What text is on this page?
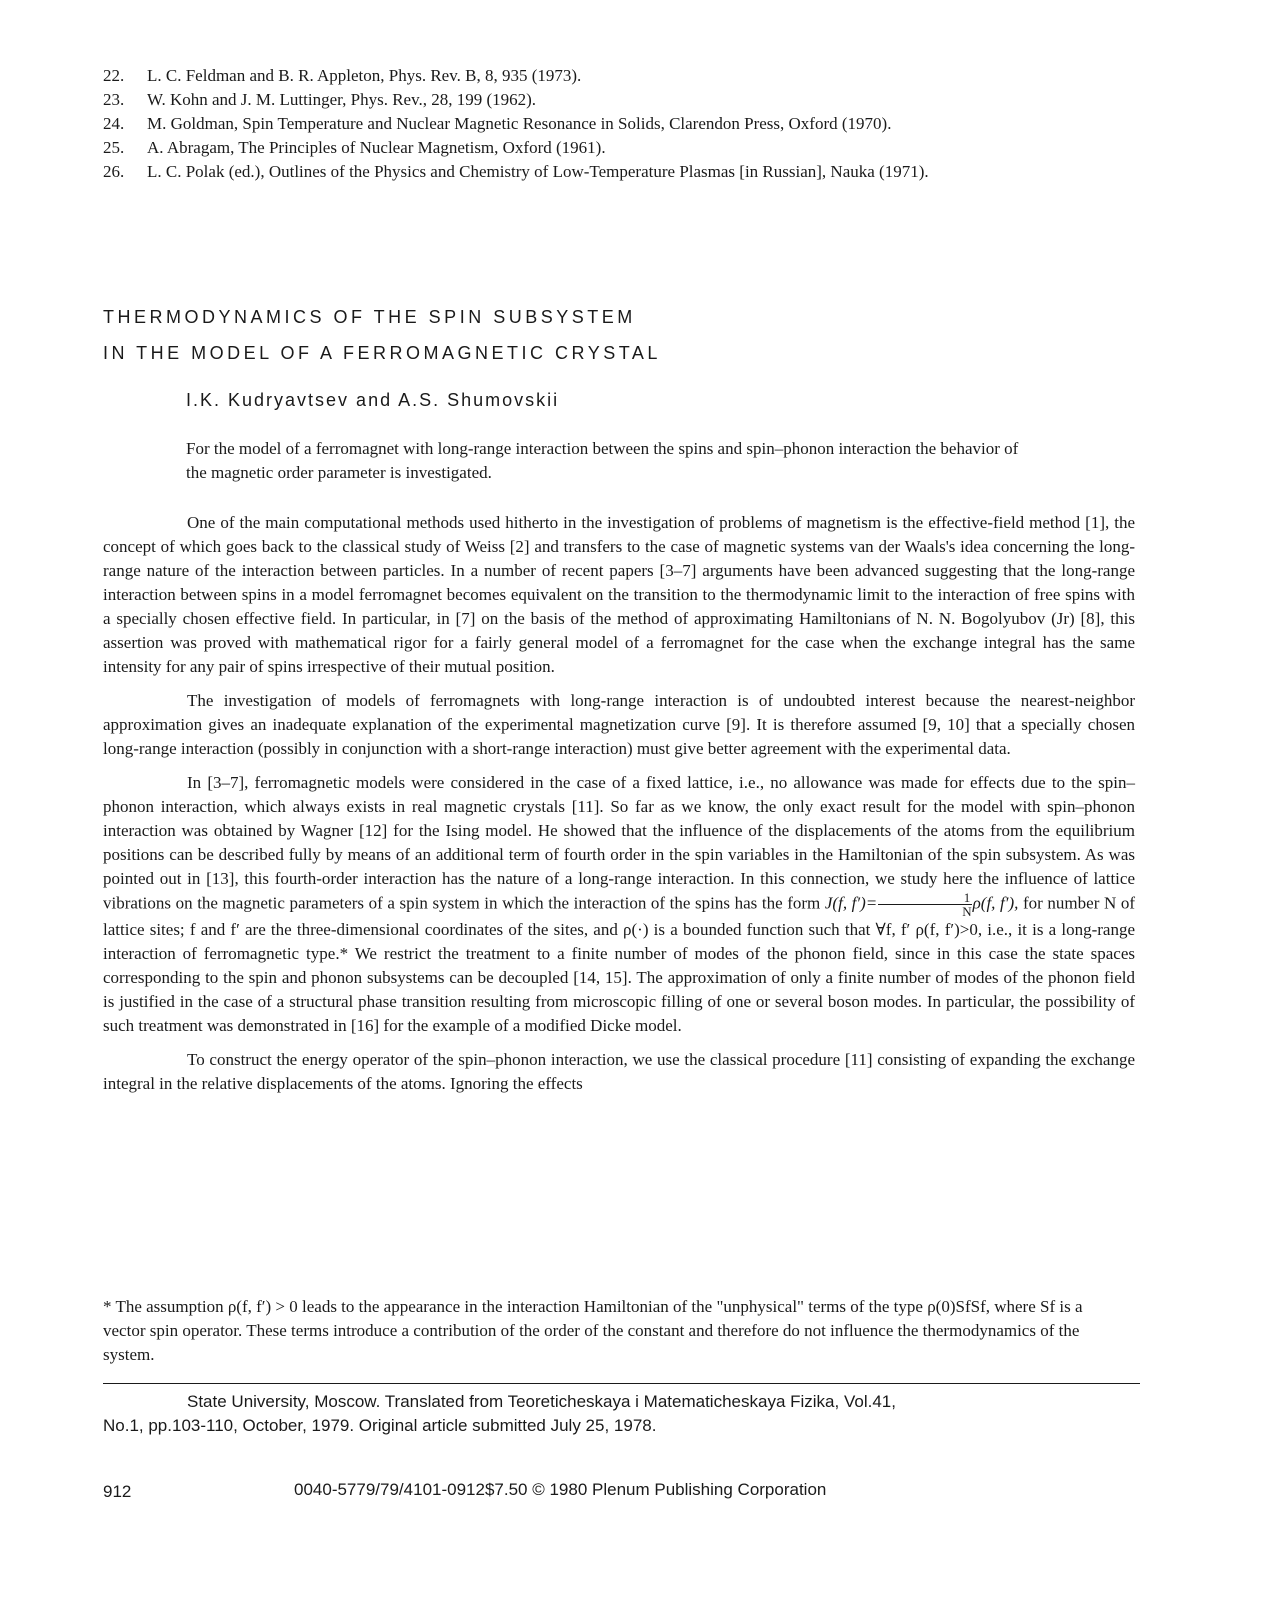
22.	L. C. Feldman and B. R. Appleton, Phys. Rev. B, 8, 935 (1973).
23.	W. Kohn and J. M. Luttinger, Phys. Rev., 28, 199 (1962).
24.	M. Goldman, Spin Temperature and Nuclear Magnetic Resonance in Solids, Clarendon Press, Oxford (1970).
25.	A. Abragam, The Principles of Nuclear Magnetism, Oxford (1961).
26.	L. C. Polak (ed.), Outlines of the Physics and Chemistry of Low-Temperature Plasmas [in Russian], Nauka (1971).
THERMODYNAMICS OF THE SPIN SUBSYSTEM
IN THE MODEL OF A FERROMAGNETIC CRYSTAL
I.K. Kudryavtsev and A.S. Shumovskii
For the model of a ferromagnet with long-range interaction between the spins and spin–phonon interaction the behavior of the magnetic order parameter is investigated.

One of the main computational methods used hitherto in the investigation of problems of magnetism is the effective-field method [1], the concept of which goes back to the classical study of Weiss [2] and transfers to the case of magnetic systems van der Waals's idea concerning the long-range nature of the interaction between particles. In a number of recent papers [3–7] arguments have been advanced suggesting that the long-range interaction between spins in a model ferromagnet becomes equivalent on the transition to the thermodynamic limit to the interaction of free spins with a specially chosen effective field. In particular, in [7] on the basis of the method of approximating Hamiltonians of N. N. Bogolyubov (Jr) [8], this assertion was proved with mathematical rigor for a fairly general model of a ferromagnet for the case when the exchange integral has the same intensity for any pair of spins irrespective of their mutual position.

The investigation of models of ferromagnets with long-range interaction is of undoubted interest because the nearest-neighbor approximation gives an inadequate explanation of the experimental magnetization curve [9]. It is therefore assumed [9, 10] that a specially chosen long-range interaction (possibly in conjunction with a short-range interaction) must give better agreement with the experimental data.

In [3–7], ferromagnetic models were considered in the case of a fixed lattice, i.e., no allowance was made for effects due to the spin–phonon interaction, which always exists in real magnetic crystals [11]. So far as we know, the only exact result for the model with spin–phonon interaction was obtained by Wagner [12] for the Ising model. He showed that the influence of the displacements of the atoms from the equilibrium positions can be described fully by means of an additional term of fourth order in the spin variables in the Hamiltonian of the spin subsystem. As was pointed out in [13], this fourth-order interaction has the nature of a long-range interaction. In this connection, we study here the influence of lattice vibrations on the magnetic parameters of a spin system in which the interaction of the spins has the form J(f, $f')= \frac{1}{N} \rho(f$, f′), for number N of lattice sites; f and f′ are the three-dimensional coordinates of the sites, and ρ(·) is a bounded function such that ∀f, f′ ρ(f, f′)>0, i.e., it is a long-range interaction of ferromagnetic type.* We restrict the treatment to a finite number of modes of the phonon field, since in this case the state spaces corresponding to the spin and phonon subsystems can be decoupled [14, 15]. The approximation of only a finite number of modes of the phonon field is justified in the case of a structural phase transition resulting from microscopic filling of one or several boson modes. In particular, the possibility of such treatment was demonstrated in [16] for the example of a modified Dicke model.

To construct the energy operator of the spin–phonon interaction, we use the classical procedure [11] consisting of expanding the exchange integral in the relative displacements of the atoms. Ignoring the effects

* The assumption ρ(f, f′) > 0 leads to the appearance in the interaction Hamiltonian of the "unphysical" terms of the type ρ(0)SfSf, where Sf is a vector spin operator. These terms introduce a contribution of the order of the constant and therefore do not influence the thermodynamics of the system.
State University, Moscow. Translated from Teoreticheskaya i Matematicheskaya Fizika, Vol.41,
No.1, pp.103-110, October, 1979. Original article submitted July 25, 1978.
912	0040-5779/79/4101-0912$7.50 © 1980 Plenum Publishing Corporation
